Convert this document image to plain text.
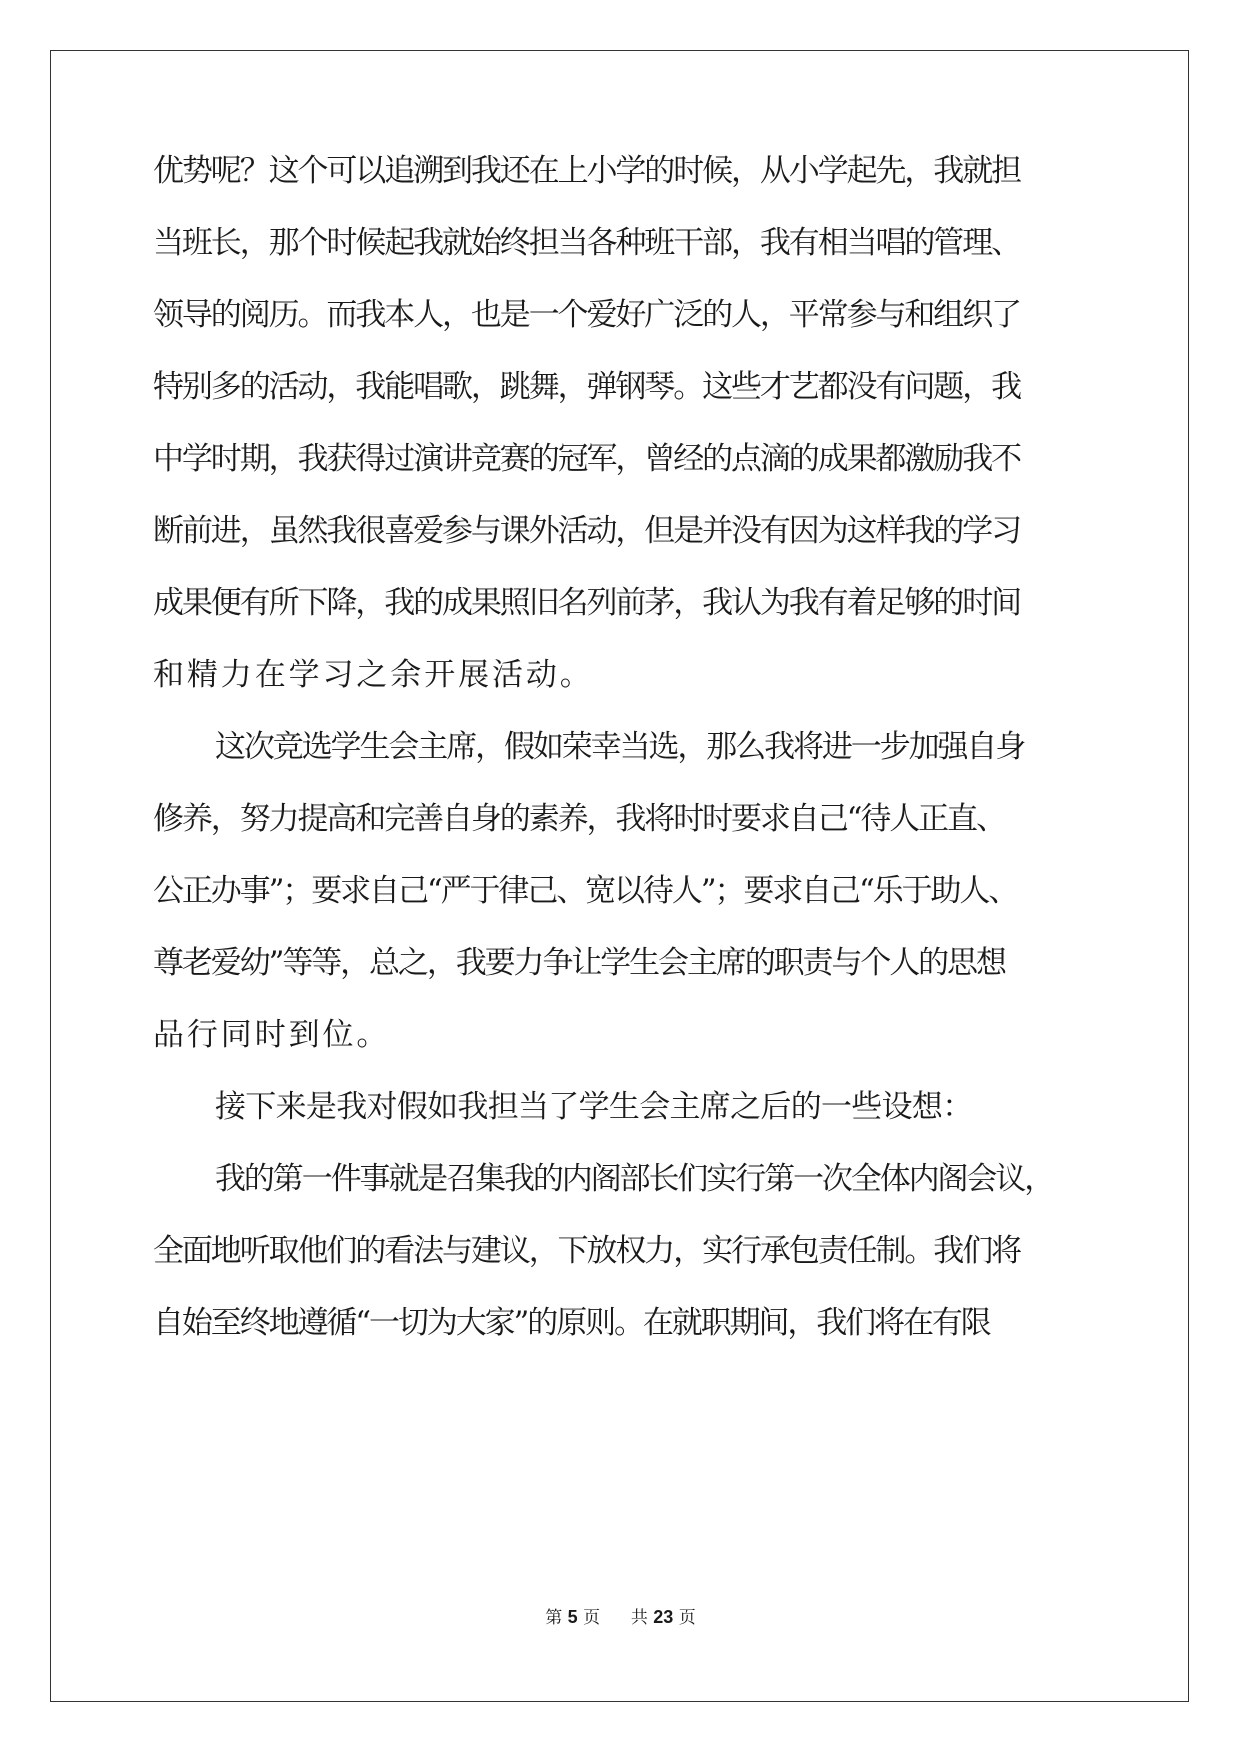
优势呢？这个可以追溯到我还在上小学的时候，从小学起先，我就担
当班长，那个时候起我就始终担当各种班干部，我有相当唱的管理、
领导的阅历。而我本人，也是一个爱好广泛的人，平常参与和组织了
特别多的活动，我能唱歌，跳舞，弹钢琴。这些才艺都没有问题，我
中学时期，我获得过演讲竞赛的冠军，曾经的点滴的成果都激励我不
断前进，虽然我很喜爱参与课外活动，但是并没有因为这样我的学习
成果便有所下降，我的成果照旧名列前茅，我认为我有着足够的时间
和精力在学习之余开展活动。
这次竞选学生会主席，假如荣幸当选，那么我将进一步加强自身
修养，努力提高和完善自身的素养，我将时时要求自己“待人正直、
公正办事”；要求自己“严于律己、宽以待人”；要求自己“乐于助人、
尊老爱幼”等等，总之，我要力争让学生会主席的职责与个人的思想
品行同时到位。
接下来是我对假如我担当了学生会主席之后的一些设想：
我的第一件事就是召集我的内阁部长们实行第一次全体内阁会议，
全面地听取他们的看法与建议，下放权力，实行承包责任制。我们将
自始至终地遵循“一切为大家”的原则。在就职期间，我们将在有限
第 5 页 共 23 页
